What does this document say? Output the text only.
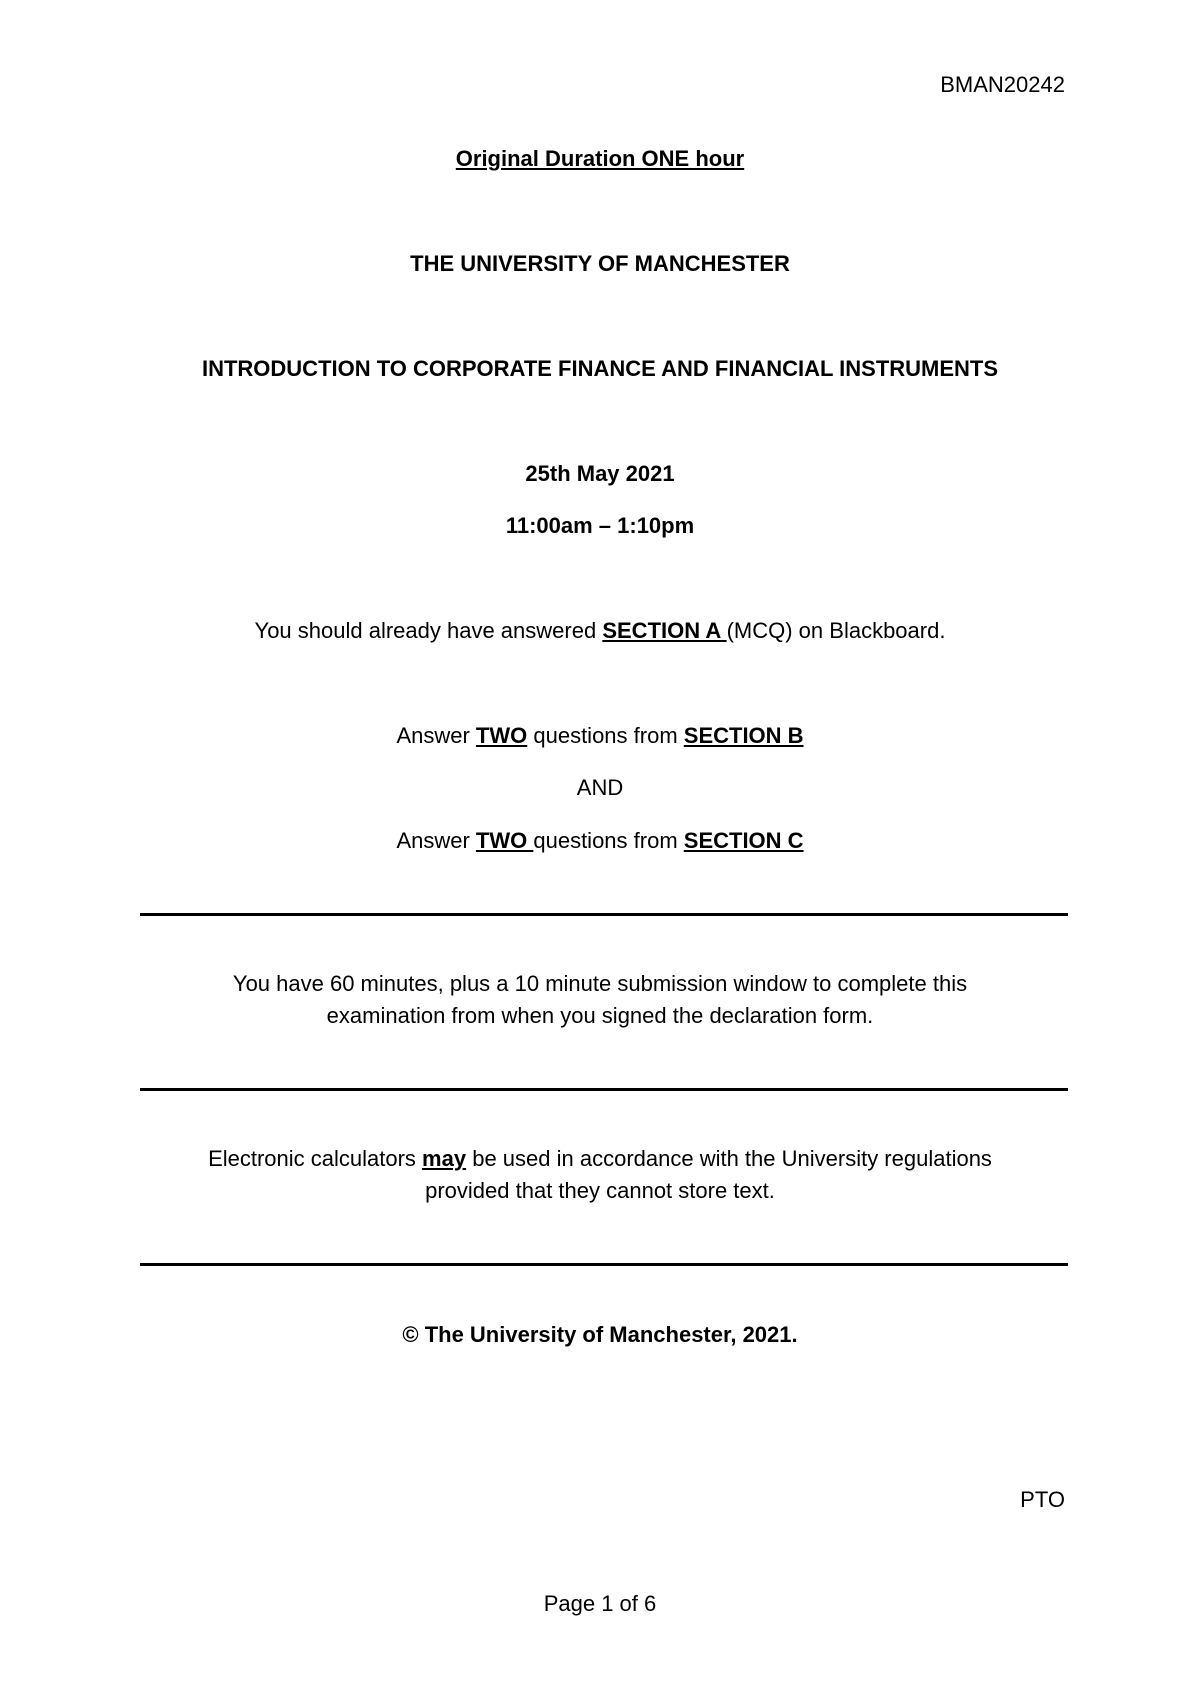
BMAN20242
Original Duration ONE hour
THE UNIVERSITY OF MANCHESTER
INTRODUCTION TO CORPORATE FINANCE AND FINANCIAL INSTRUMENTS
25th May 2021
11:00am – 1:10pm
You should already have answered SECTION A (MCQ) on Blackboard.
Answer TWO questions from SECTION B
AND
Answer TWO questions from SECTION C
You have 60 minutes, plus a 10 minute submission window to complete this
examination from when you signed the declaration form.
Electronic calculators may be used in accordance with the University regulations
provided that they cannot store text.
© The University of Manchester, 2021.
PTO
Page 1 of 6
